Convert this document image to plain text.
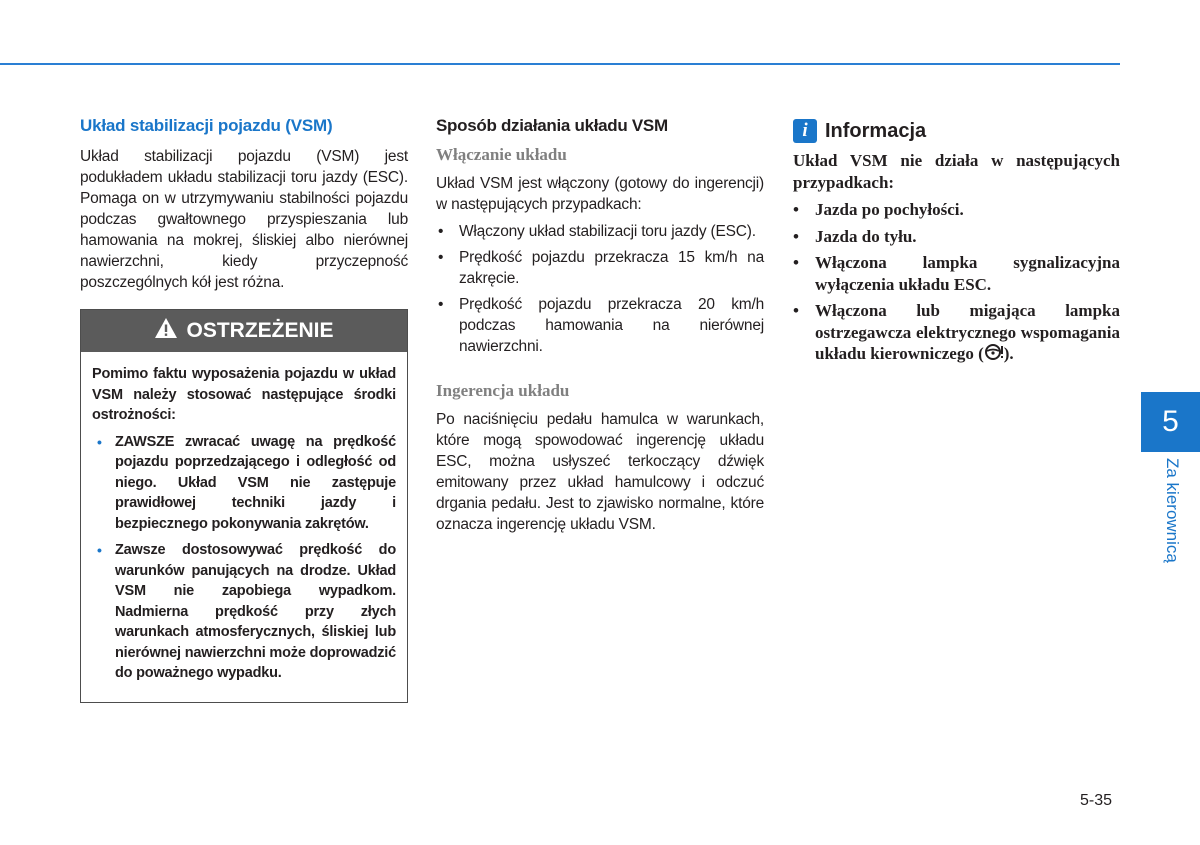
Układ stabilizacji pojazdu (VSM)

Układ stabilizacji pojazdu (VSM) jest podukładem układu stabilizacji toru jazdy (ESC). Pomaga on w utrzymywaniu stabilności pojazdu podczas gwałtownego przyspieszania lub hamowania na mokrej, śliskiej albo nierównej nawierzchni, kiedy przyczepność poszczególnych kół jest różna.

OSTRZEŻENIE

Pomimo faktu wyposażenia pojazdu w układ VSM należy stosować następujące środki ostrożności:

• ZAWSZE zwracać uwagę na prędkość pojazdu poprzedzającego i odległość od niego. Układ VSM nie zastępuje prawidłowej techniki jazdy i bezpiecznego pokonywania zakrętów.
• Zawsze dostosowywać prędkość do warunków panujących na drodze. Układ VSM nie zapobiega wypadkom. Nadmierna prędkość przy złych warunkach atmosferycznych, śliskiej lub nierównej nawierzchni może doprowadzić do poważnego wypadku.
Sposób działania układu VSM
Włączanie układu

Układ VSM jest włączony (gotowy do ingerencji) w następujących przypadkach:

• Włączony układ stabilizacji toru jazdy (ESC).
• Prędkość pojazdu przekracza 15 km/h na zakręcie.
• Prędkość pojazdu przekracza 20 km/h podczas hamowania na nierównej nawierzchni.
Ingerencja układu

Po naciśnięciu pedału hamulca w warunkach, które mogą spowodować ingerencję układu ESC, można usłyszeć terkoczący dźwięk emitowany przez układ hamulcowy i odczuć drgania pedału. Jest to zjawisko normalne, które oznacza ingerencję układu VSM.

i Informacja

Układ VSM nie działa w następujących przypadkach:

• Jazda po pochyłości.
• Jazda do tyłu.
• Włączona lampka sygnalizacyjna wyłączenia układu ESC.
• Włączona lub migająca lampka ostrzegawcza elektrycznego wspomagania układu kierowniczego ( ).
5
Za kierownicą
5-35
